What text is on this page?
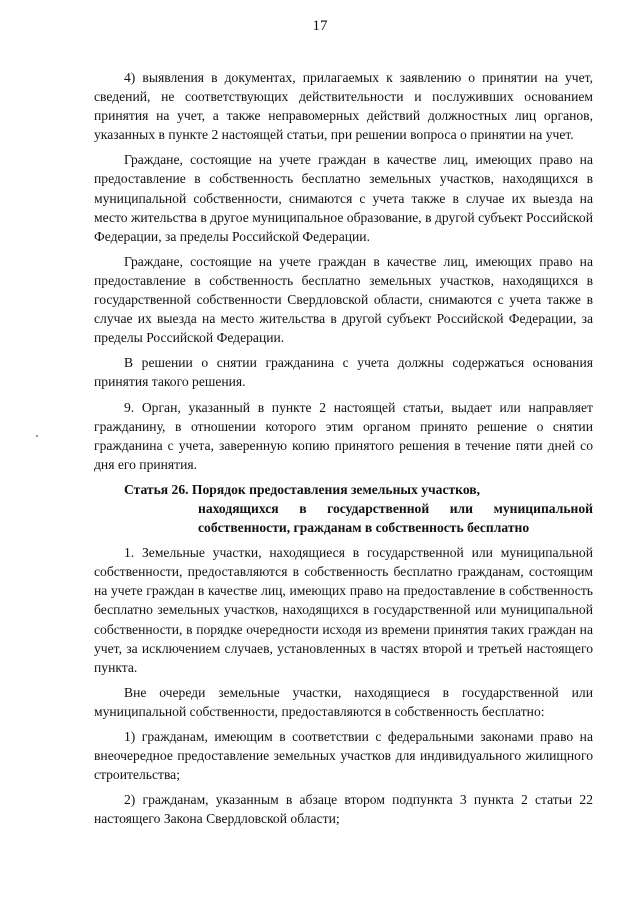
17

4) выявления в документах, прилагаемых к заявлению о принятии на учет, сведений, не соответствующих действительности и послуживших основанием принятия на учет, а также неправомерных действий должностных лиц органов, указанных в пункте 2 настоящей статьи, при решении вопроса о принятии на учет.

Граждане, состоящие на учете граждан в качестве лиц, имеющих право на предоставление в собственность бесплатно земельных участков, находящихся в муниципальной собственности, снимаются с учета также в случае их выезда на место жительства в другое муниципальное образование, в другой субъект Российской Федерации, за пределы Российской Федерации.

Граждане, состоящие на учете граждан в качестве лиц, имеющих право на предоставление в собственность бесплатно земельных участков, находящихся в государственной собственности Свердловской области, снимаются с учета также в случае их выезда на место жительства в другой субъект Российской Федерации, за пределы Российской Федерации.

В решении о снятии гражданина с учета должны содержаться основания принятия такого решения.

9. Орган, указанный в пункте 2 настоящей статьи, выдает или направляет гражданину, в отношении которого этим органом принято решение о снятии гражданина с учета, заверенную копию принятого решения в течение пяти дней со дня его принятия.

Статья 26. Порядок предоставления земельных участков,
находящихся в государственной или муниципальной собственности, гражданам в собственность бесплатно

1. Земельные участки, находящиеся в государственной или муниципальной собственности, предоставляются в собственность бесплатно гражданам, состоящим на учете граждан в качестве лиц, имеющих право на предоставление в собственность бесплатно земельных участков, находящихся в государственной или муниципальной собственности, в порядке очередности исходя из времени принятия таких граждан на учет, за исключением случаев, установленных в частях второй и третьей настоящего пункта.

Вне очереди земельные участки, находящиеся в государственной или муниципальной собственности, предоставляются в собственность бесплатно:

1) гражданам, имеющим в соответствии с федеральными законами право на внеочередное предоставление земельных участков для индивидуального жилищного строительства;

2) гражданам, указанным в абзаце втором подпункта 3 пункта 2 статьи 22 настоящего Закона Свердловской области;
